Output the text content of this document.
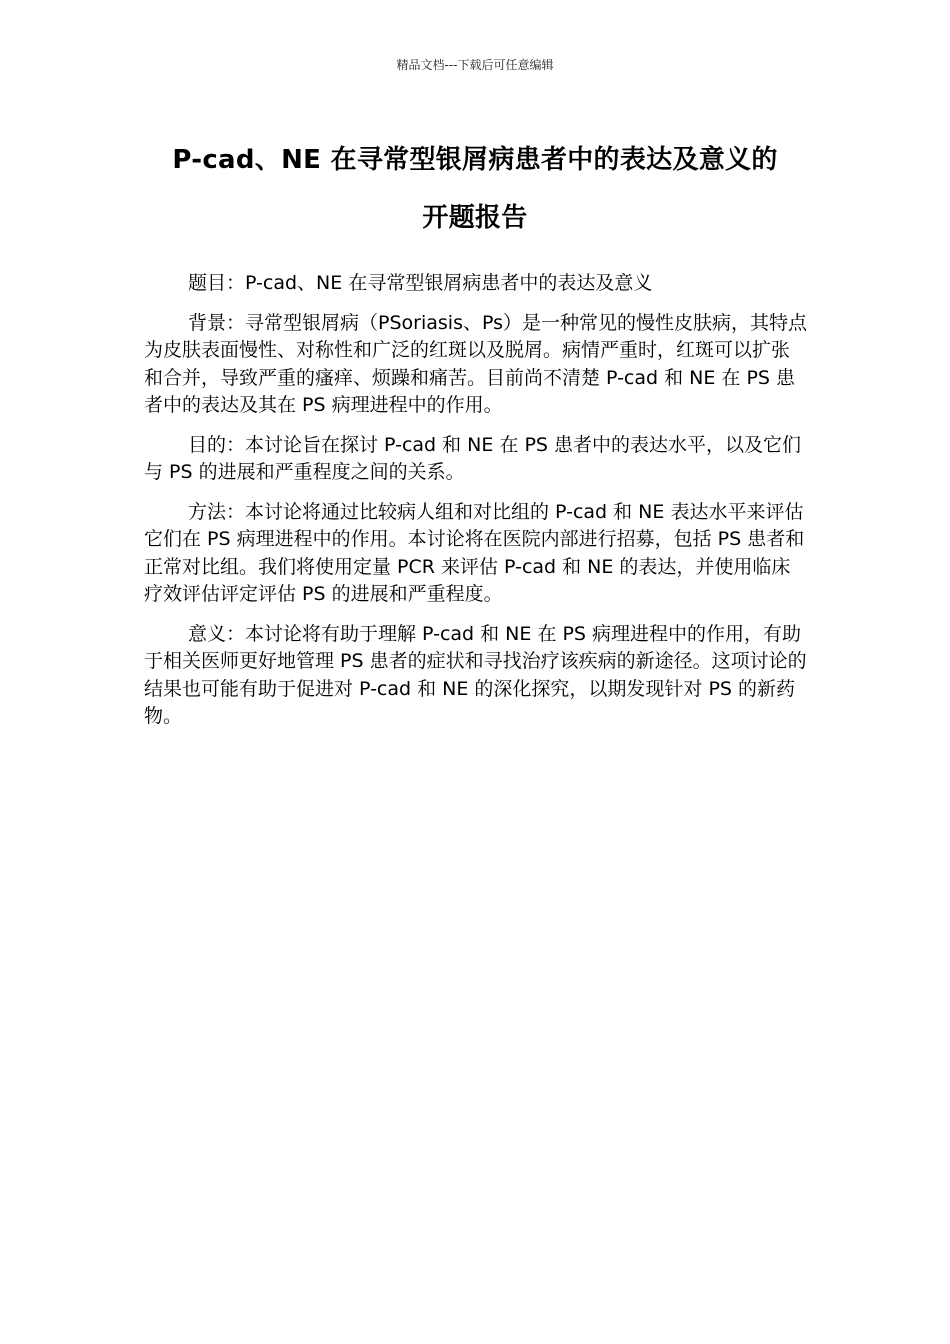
精品文档---下载后可任意编辑
P-cad、NE 在寻常型银屑病患者中的表达及意义的
开题报告

题目：P-cad、NE 在寻常型银屑病患者中的表达及意义

背景：寻常型银屑病（PSoriasis、Ps）是一种常见的慢性皮肤病，其特点为皮肤表面慢性、对称性和广泛的红斑以及脱屑。病情严重时，红斑可以扩张和合并，导致严重的瘙痒、烦躁和痛苦。目前尚不清楚 P-cad 和 NE 在 PS 患者中的表达及其在 PS 病理进程中的作用。

目的：本讨论旨在探讨 P-cad 和 NE 在 PS 患者中的表达水平，以及它们与 PS 的进展和严重程度之间的关系。

方法：本讨论将通过比较病人组和对比组的 P-cad 和 NE 表达水平来评估它们在 PS 病理进程中的作用。本讨论将在医院内部进行招募，包括 PS 患者和正常对比组。我们将使用定量 PCR 来评估 P-cad 和 NE 的表达，并使用临床疗效评估评定评估 PS 的进展和严重程度。

意义：本讨论将有助于理解 P-cad 和 NE 在 PS 病理进程中的作用，有助于相关医师更好地管理 PS 患者的症状和寻找治疗该疾病的新途径。这项讨论的结果也可能有助于促进对 P-cad 和 NE 的深化探究，以期发现针对 PS 的新药物。
